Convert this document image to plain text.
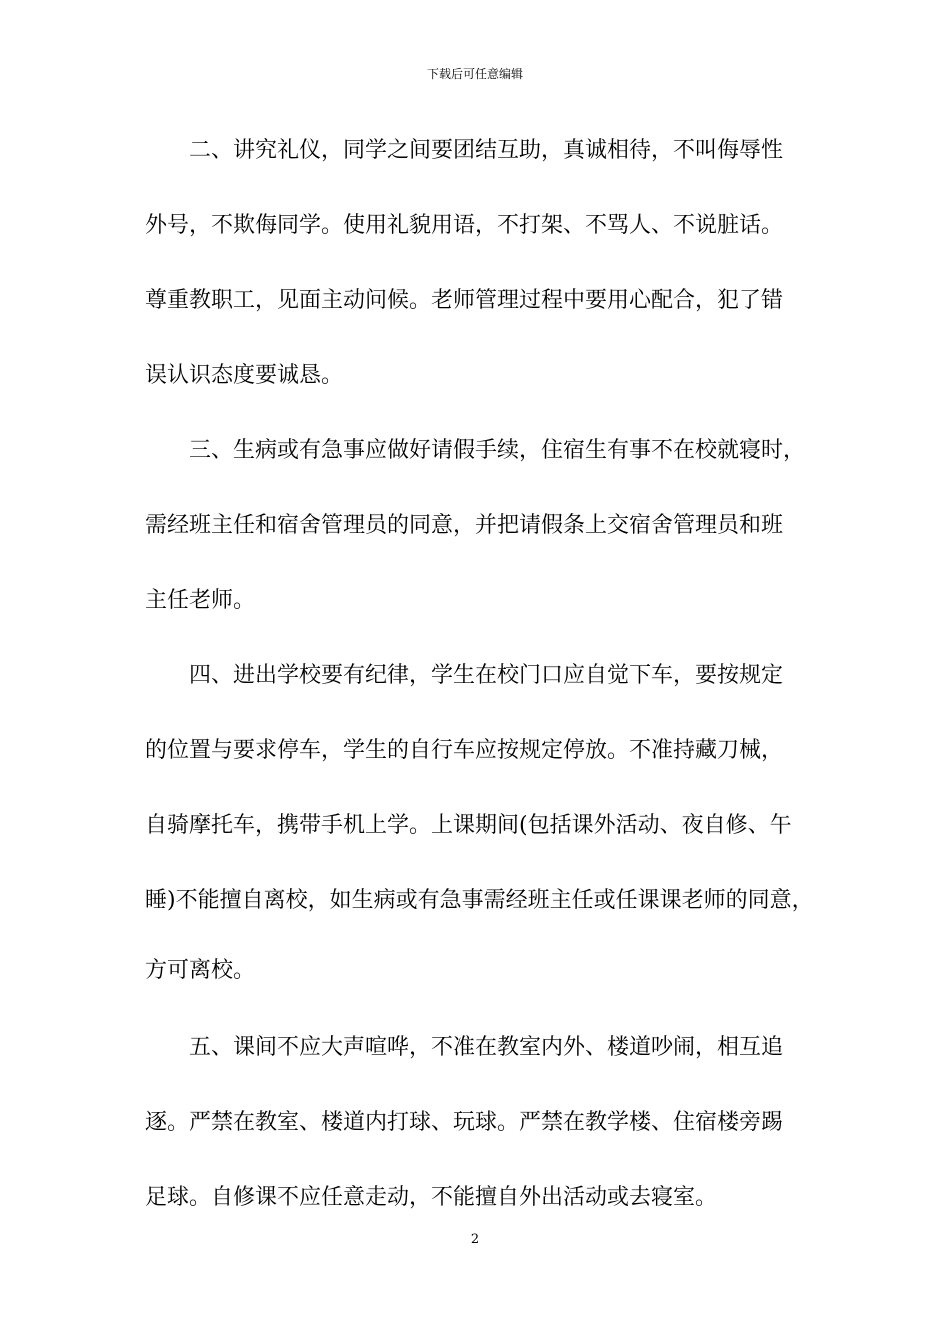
下载后可任意编辑
　　二、讲究礼仪，同学之间要团结互助，真诚相待，不叫侮辱性
外号，不欺侮同学。使用礼貌用语，不打架、不骂人、不说脏话。
尊重教职工，见面主动问候。老师管理过程中要用心配合，犯了错
误认识态度要诚恳。
　　三、生病或有急事应做好请假手续，住宿生有事不在校就寝时，
需经班主任和宿舍管理员的同意，并把请假条上交宿舍管理员和班
主任老师。
　　四、进出学校要有纪律，学生在校门口应自觉下车，要按规定
的位置与要求停车，学生的自行车应按规定停放。不准持藏刀械，
自骑摩托车，携带手机上学。上课期间(包括课外活动、夜自修、午
睡)不能擅自离校，如生病或有急事需经班主任或任课课老师的同意，
方可离校。
　　五、课间不应大声喧哗，不准在教室内外、楼道吵闹，相互追
逐。严禁在教室、楼道内打球、玩球。严禁在教学楼、住宿楼旁踢
足球。自修课不应任意走动，不能擅自外出活动或去寝室。
2
